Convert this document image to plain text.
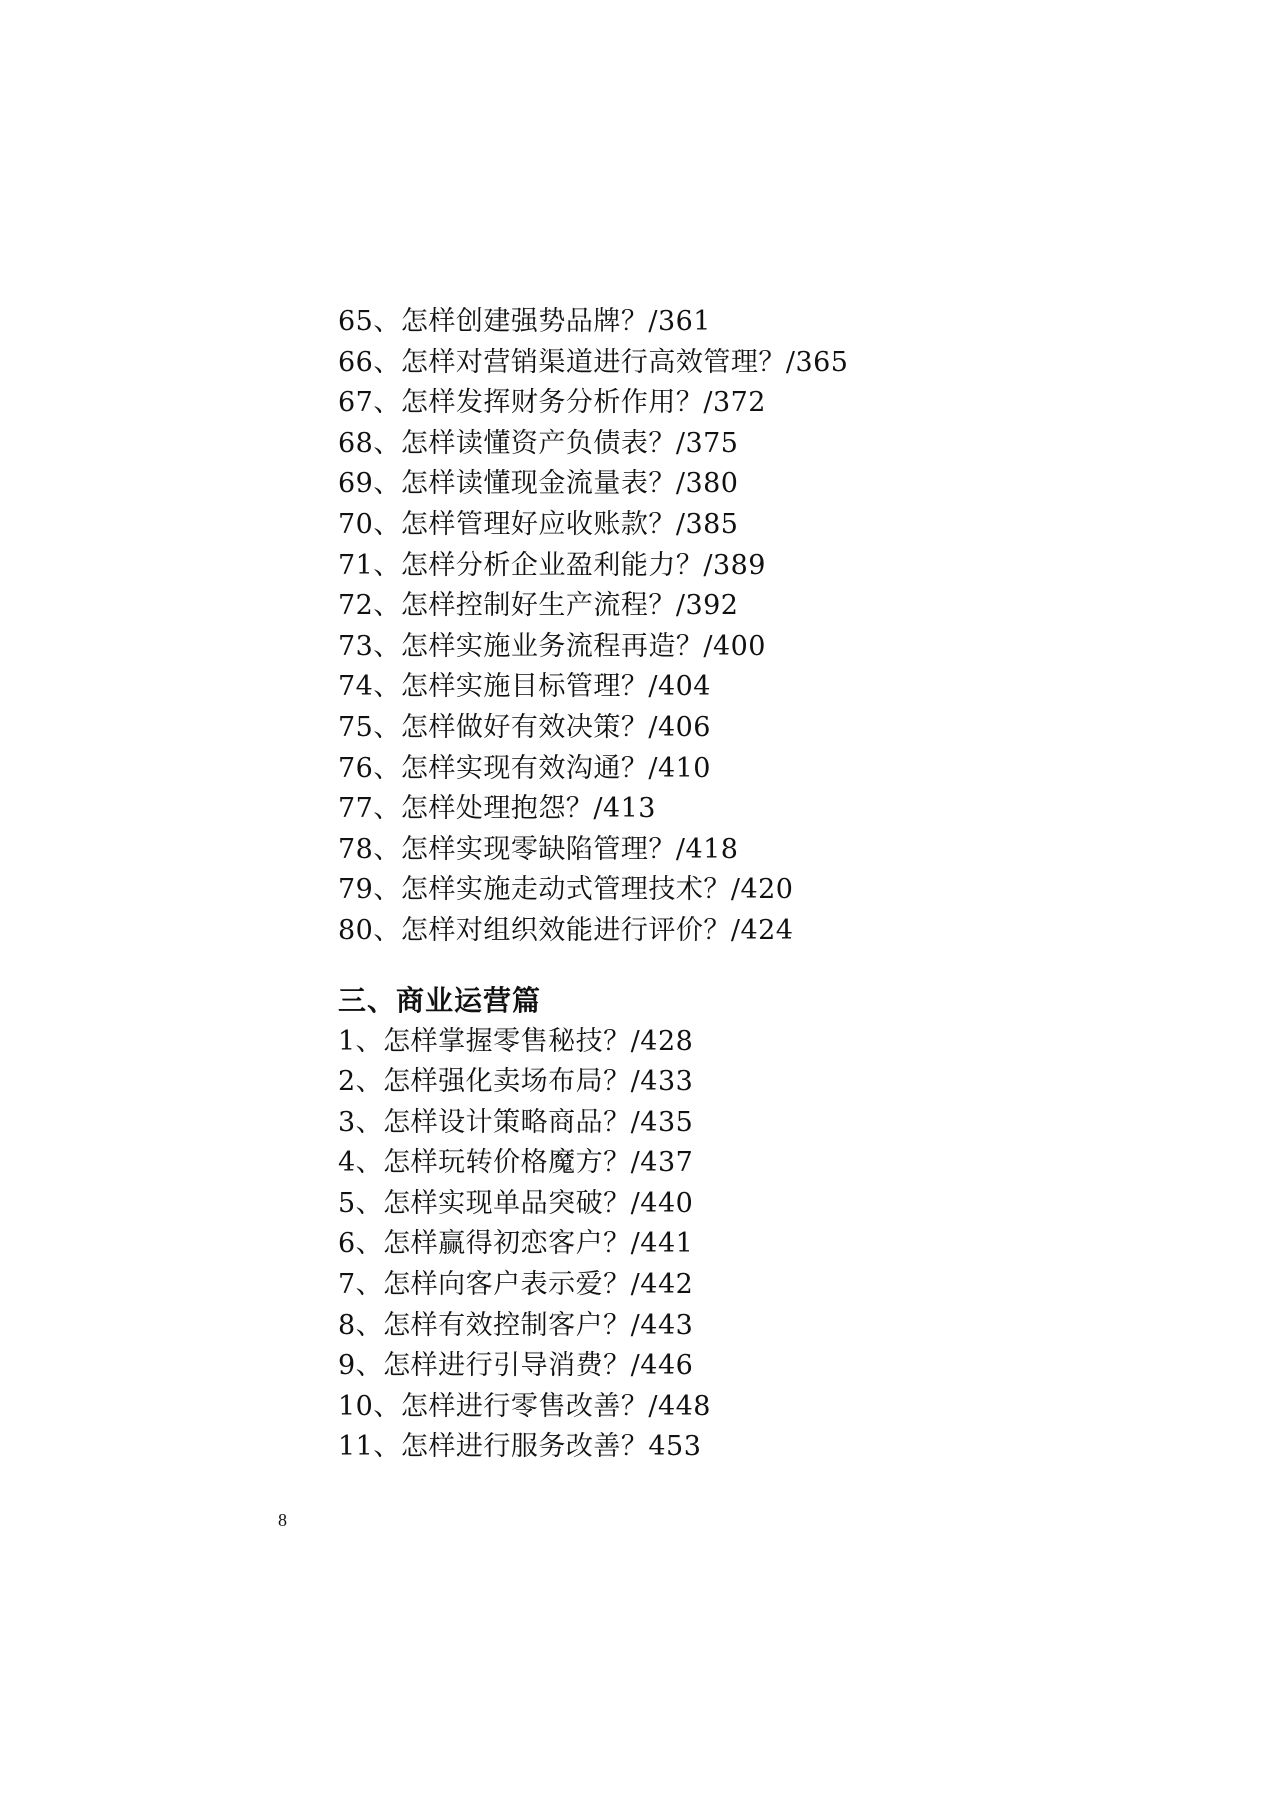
65、怎样创建强势品牌？/361
66、怎样对营销渠道进行高效管理？/365
67、怎样发挥财务分析作用？/372
68、怎样读懂资产负债表？/375
69、怎样读懂现金流量表？/380
70、怎样管理好应收账款？/385
71、怎样分析企业盈利能力？/389
72、怎样控制好生产流程？/392
73、怎样实施业务流程再造？/400
74、怎样实施目标管理？/404
75、怎样做好有效决策？/406
76、怎样实现有效沟通？/410
77、怎样处理抱怨？/413
78、怎样实现零缺陷管理？/418
79、怎样实施走动式管理技术？/420
80、怎样对组织效能进行评价？/424
三、商业运营篇
1、怎样掌握零售秘技？/428
2、怎样强化卖场布局？/433
3、怎样设计策略商品？/435
4、怎样玩转价格魔方？/437
5、怎样实现单品突破？/440
6、怎样赢得初恋客户？/441
7、怎样向客户表示爱？/442
8、怎样有效控制客户？/443
9、怎样进行引导消费？/446
10、怎样进行零售改善？/448
11、怎样进行服务改善？453
8
